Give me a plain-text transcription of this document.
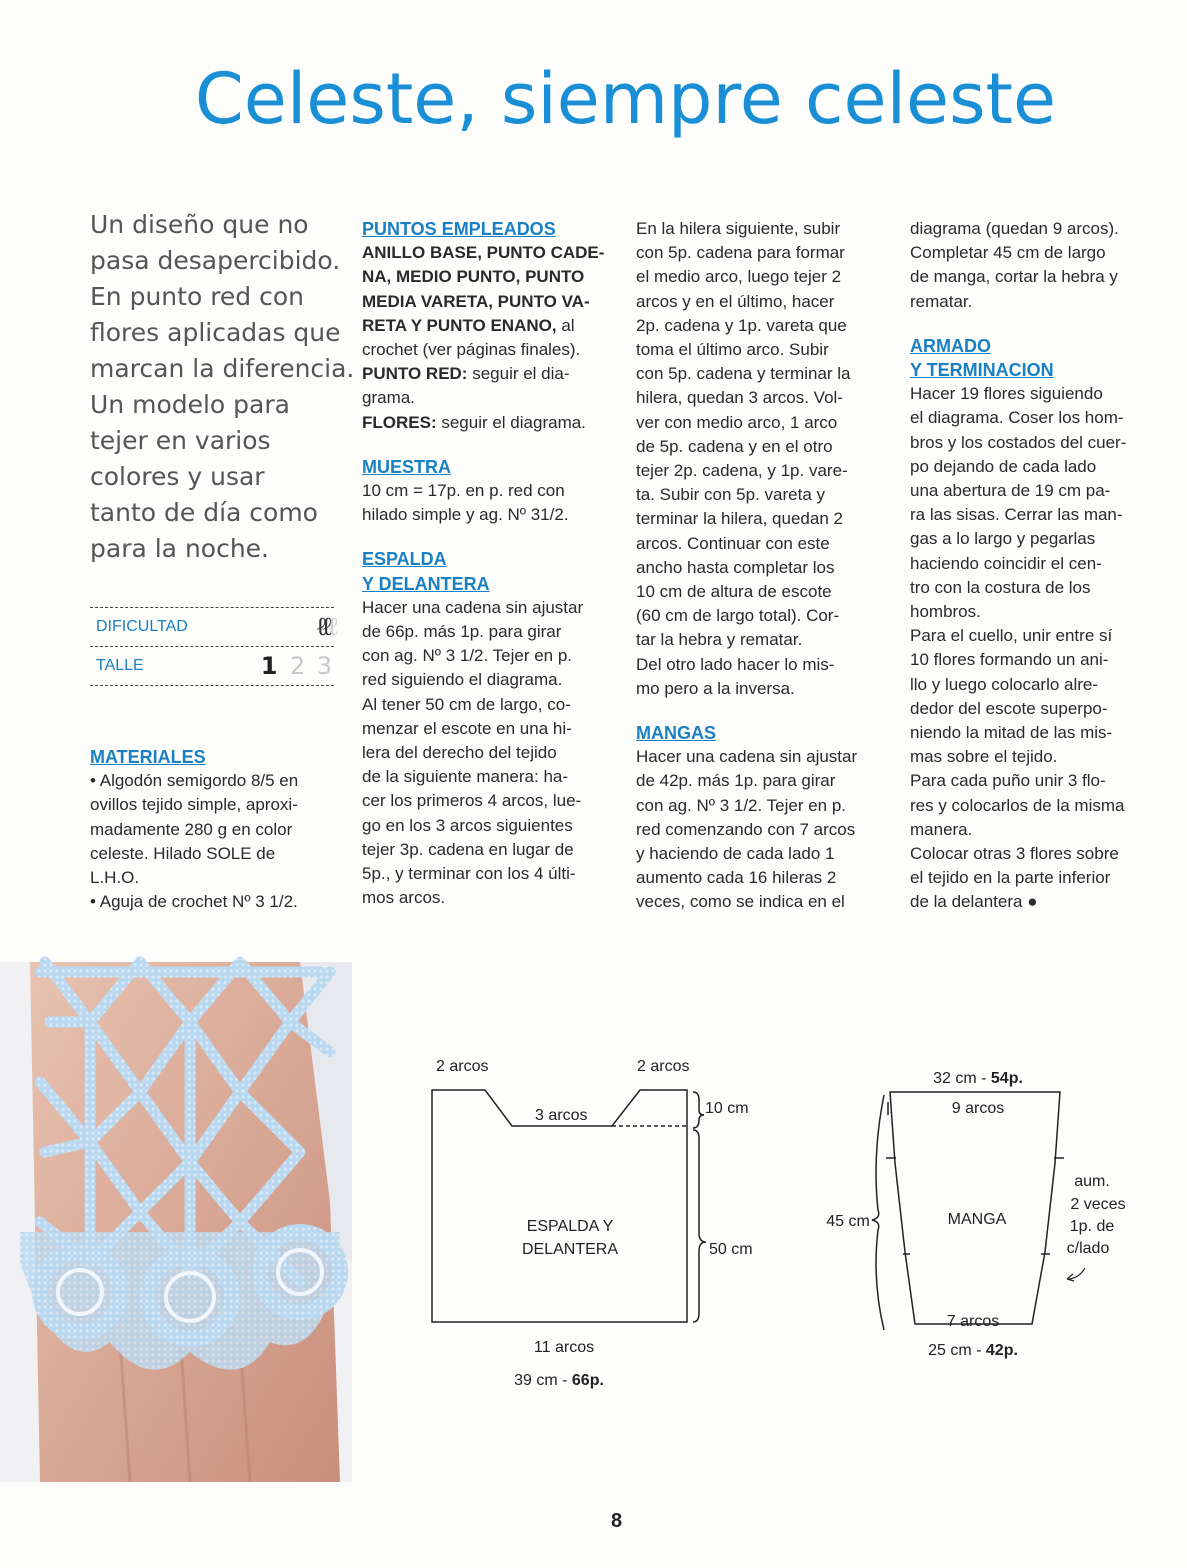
Celeste, siempre celeste
Un diseño que no
pasa desapercibido.
En punto red con
flores aplicadas que
marcan la diferencia.
Un modelo para
tejer en varios
colores y usar
tanto de día como
para la noche.
DIFICULTAD	ℓℓℓ
TALLE	1 2 3
MATERIALES
• Algodón semigordo 8/5 en
ovillos tejido simple, aproxi-
madamente 280 g en color
celeste. Hilado SOLE de
L.H.O.
• Aguja de crochet Nº 3 1/2.
PUNTOS EMPLEADOS
ANILLO BASE, PUNTO CADE-
NA, MEDIO PUNTO, PUNTO
MEDIA VARETA, PUNTO VA-
RETA Y PUNTO ENANO, al
crochet (ver páginas finales).
PUNTO RED: seguir el dia-
grama.
FLORES: seguir el diagrama.
MUESTRA
10 cm = 17p. en p. red con
hilado simple y ag. Nº 31/2.
ESPALDA
Y DELANTERA
Hacer una cadena sin ajustar
de 66p. más 1p. para girar
con ag. Nº 3 1/2. Tejer en p.
red siguiendo el diagrama.
Al tener 50 cm de largo, co-
menzar el escote en una hi-
lera del derecho del tejido
de la siguiente manera: ha-
cer los primeros 4 arcos, lue-
go en los 3 arcos siguientes
tejer 3p. cadena en lugar de
5p., y terminar con los 4 últi-
mos arcos.
En la hilera siguiente, subir
con 5p. cadena para formar
el medio arco, luego tejer 2
arcos y en el último, hacer
2p. cadena y 1p. vareta que
toma el último arco. Subir
con 5p. cadena y terminar la
hilera, quedan 3 arcos. Vol-
ver con medio arco, 1 arco
de 5p. cadena y en el otro
tejer 2p. cadena, y 1p. vare-
ta. Subir con 5p. vareta y
terminar la hilera, quedan 2
arcos. Continuar con este
ancho hasta completar los
10 cm de altura de escote
(60 cm de largo total). Cor-
tar la hebra y rematar.
Del otro lado hacer lo mis-
mo pero a la inversa.
MANGAS
Hacer una cadena sin ajustar
de 42p. más 1p. para girar
con ag. Nº 3 1/2. Tejer en p.
red comenzando con 7 arcos
y haciendo de cada lado 1
aumento cada 16 hileras 2
veces, como se indica en el
diagrama (quedan 9 arcos).
Completar 45 cm de largo
de manga, cortar la hebra y
rematar.
ARMADO
Y TERMINACION
Hacer 19 flores siguiendo
el diagrama. Coser los hom-
bros y los costados del cuer-
po dejando de cada lado
una abertura de 19 cm pa-
ra las sisas. Cerrar las man-
gas a lo largo y pegarlas
haciendo coincidir el cen-
tro con la costura de los
hombros.
Para el cuello, unir entre sí
10 flores formando un ani-
llo y luego colocarlo alre-
dedor del escote superpo-
niendo la mitad de las mis-
mas sobre el tejido.
Para cada puño unir 3 flo-
res y colocarlos de la misma
manera.
Colocar otras 3 flores sobre
el tejido en la parte inferior
de la delantera ●
2 arcos	2 arcos
3 arcos	10 cm
ESPALDA Y
DELANTERA	50 cm
11 arcos
39 cm - 66p.
32 cm - 54p.
9 arcos
45 cm	MANGA
aum.
2 veces
1p. de
c/lado
7 arcos
25 cm - 42p.
8
